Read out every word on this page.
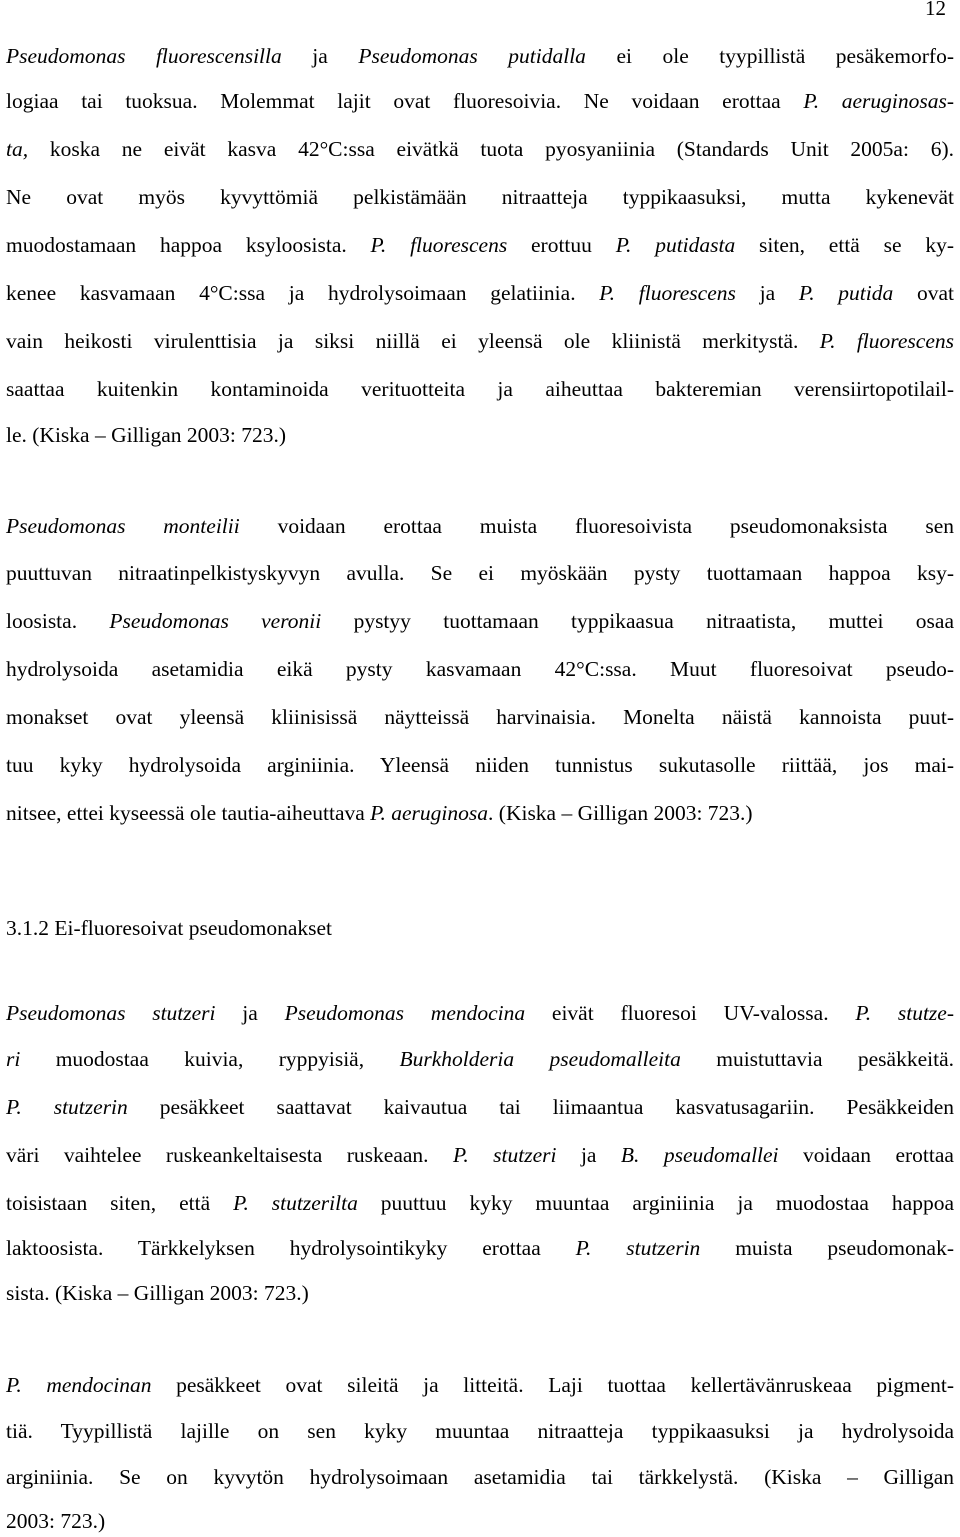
12
Pseudomonas fluorescensilla ja Pseudomonas putidalla ei ole tyypillistä pesäkemorfo-
logiaa tai tuoksua. Molemmat lajit ovat fluoresoivia. Ne voidaan erottaa P. aeruginosas-
ta, koska ne eivät kasva 42°C:ssa eivätkä tuota pyosyaniinia (Standards Unit 2005a: 6).
Ne ovat myös kyvyttömiä pelkistämään nitraatteja typpikaasuksi, mutta kykenevät
muodostamaan happoa ksyloosista. P. fluorescens erottuu P. putidasta siten, että se ky-
kenee kasvamaan 4°C:ssa ja hydrolysoimaan gelatiinia. P. fluorescens ja P. putida ovat
vain heikosti virulenttisia ja siksi niillä ei yleensä ole kliinistä merkitystä. P. fluorescens
saattaa kuitenkin kontaminoida verituotteita ja aiheuttaa bakteremian verensiirtopotilail-
le. (Kiska – Gilligan 2003: 723.)
Pseudomonas monteilii voidaan erottaa muista fluoresoivista pseudomonaksista sen
puuttuvan nitraatinpelkistyskyvyn avulla. Se ei myöskään pysty tuottamaan happoa ksy-
loosista. Pseudomonas veronii pystyy tuottamaan typpikaasua nitraatista, muttei osaa
hydrolysoida asetamidia eikä pysty kasvamaan 42°C:ssa. Muut fluoresoivat pseudo-
monakset ovat yleensä kliinisissä näytteissä harvinaisia. Monelta näistä kannoista puut-
tuu kyky hydrolysoida arginiinia. Yleensä niiden tunnistus sukutasolle riittää, jos mai-
nitsee, ettei kyseessä ole tautia-aiheuttava P. aeruginosa. (Kiska – Gilligan 2003: 723.)
3.1.2 Ei-fluoresoivat pseudomonakset
Pseudomonas stutzeri ja Pseudomonas mendocina eivät fluoresoi UV-valossa. P. stutze-
ri muodostaa kuivia, ryppyisiä, Burkholderia pseudomalleita muistuttavia pesäkkeitä.
P. stutzerin pesäkkeet saattavat kaivautua tai liimaantua kasvatusagariin. Pesäkkeiden
väri vaihtelee ruskeankeltaisesta ruskeaan. P. stutzeri ja B. pseudomallei voidaan erottaa
toisistaan siten, että P. stutzerilta puuttuu kyky muuntaa arginiinia ja muodostaa happoa
laktoosista. Tärkkelyksen hydrolysointikyky erottaa P. stutzerin muista pseudomonak-
sista. (Kiska – Gilligan 2003: 723.)
P. mendocinan pesäkkeet ovat sileitä ja litteitä. Laji tuottaa kellertävänruskeaa pigment-
tiä. Tyypillistä lajille on sen kyky muuntaa nitraatteja typpikaasuksi ja hydrolysoida
arginiinia. Se on kyvytön hydrolysoimaan asetamidia tai tärkkelystä. (Kiska – Gilligan
2003: 723.)
